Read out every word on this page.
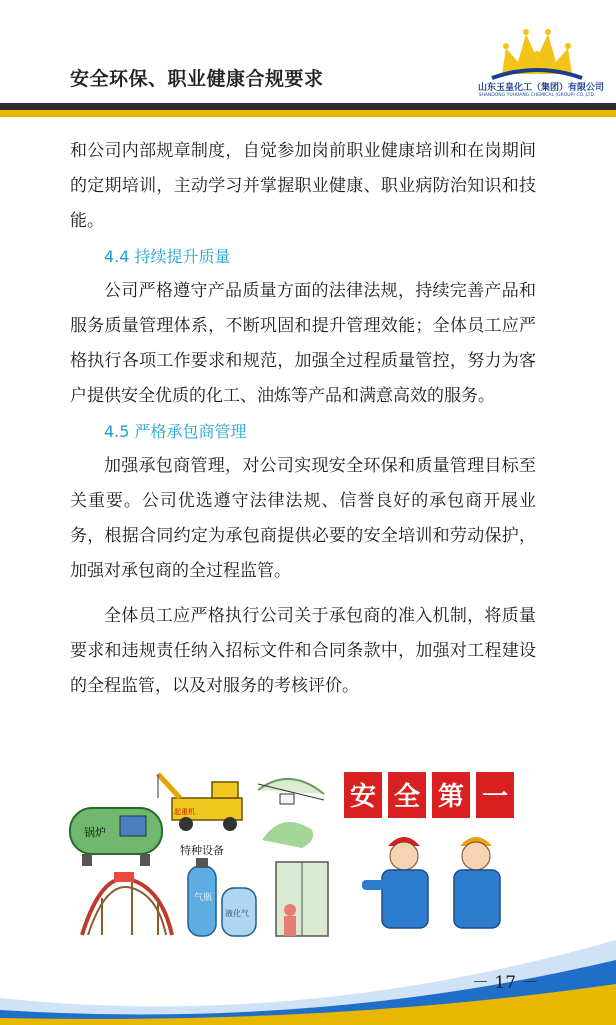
安全环保、职业健康合规要求	山东玉皇化工（集团）有限公司
SHANDONG YUHUANG CHEMICAL (GROUP) CO.,LTD.

和公司内部规章制度，自觉参加岗前职业健康培训和在岗期间的定期培训，主动学习并掌握职业健康、职业病防治知识和技能。

4.4 持续提升质量

公司严格遵守产品质量方面的法律法规，持续完善产品和服务质量管理体系，不断巩固和提升管理效能；全体员工应严格执行各项工作要求和规范，加强全过程质量管控，努力为客户提供安全优质的化工、油炼等产品和满意高效的服务。

4.5 严格承包商管理

加强承包商管理，对公司实现安全环保和质量管理目标至关重要。公司优选遵守法律法规、信誉良好的承包商开展业务，根据合同约定为承包商提供必要的安全培训和劳动保护，加强对承包商的全过程监管。

全体员工应严格执行公司关于承包商的准入机制，将质量要求和违规责任纳入招标文件和合同条款中，加强对工程建设的全程监管，以及对服务的考核评价。

锅炉
起重机
特种设备
气瓶
液化气
安 全 第 一
－ 17 －
